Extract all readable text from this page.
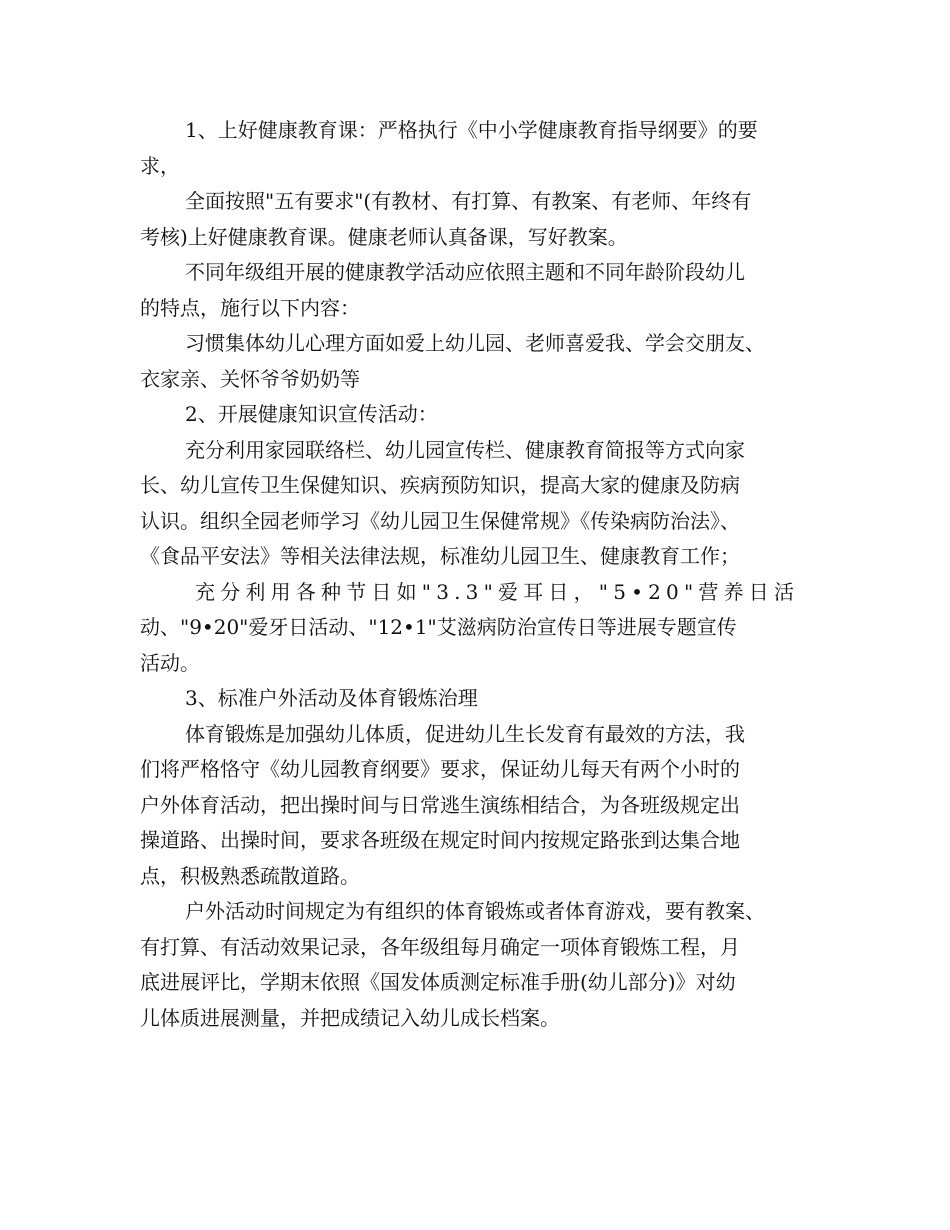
1、上好健康教育课：严格执行《中小学健康教育指导纲要》的要
求，
全面按照"五有要求"(有教材、有打算、有教案、有老师、年终有
考核)上好健康教育课。健康老师认真备课，写好教案。
不同年级组开展的健康教学活动应依照主题和不同年龄阶段幼儿
的特点，施行以下内容：
习惯集体幼儿心理方面如爱上幼儿园、老师喜爱我、学会交朋友、
衣家亲、关怀爷爷奶奶等
2、开展健康知识宣传活动：
充分利用家园联络栏、幼儿园宣传栏、健康教育简报等方式向家
长、幼儿宣传卫生保健知识、疾病预防知识，提高大家的健康及防病
认识。组织全园老师学习《幼儿园卫生保健常规》《传染病防治法》、
《食品平安法》等相关法律法规，标准幼儿园卫生、健康教育工作；
充分利用各种节日如"3.3"爱耳日，"5•20"营养日活
动、"9•20"爱牙日活动、"12•1"艾滋病防治宣传日等进展专题宣传
活动。
3、标准户外活动及体育锻炼治理
体育锻炼是加强幼儿体质，促进幼儿生长发育有最效的方法，我
们将严格恪守《幼儿园教育纲要》要求，保证幼儿每天有两个小时的
户外体育活动，把出操时间与日常逃生演练相结合，为各班级规定出
操道路、出操时间，要求各班级在规定时间内按规定路张到达集合地
点，积极熟悉疏散道路。
户外活动时间规定为有组织的体育锻炼或者体育游戏，要有教案、
有打算、有活动效果记录，各年级组每月确定一项体育锻炼工程，月
底进展评比，学期末依照《国发体质测定标准手册(幼儿部分)》对幼
儿体质进展测量，并把成绩记入幼儿成长档案。
